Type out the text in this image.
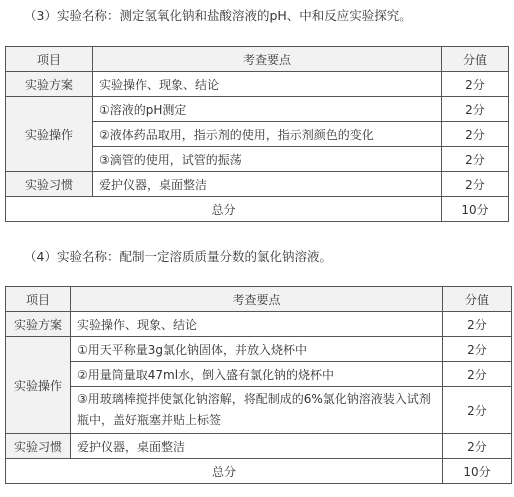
（3）实验名称：测定氢氧化钠和盐酸溶液的pH、中和反应实验探究。
项目	考查要点	分值
实验方案	实验操作、现象、结论	2分
实验操作	①溶液的pH测定	2分
	②液体药品取用，指示剂的使用，指示剂颜色的变化	2分
	③滴管的使用，试管的振荡	2分
实验习惯	爱护仪器，桌面整洁	2分
总分		10分
（4）实验名称：配制一定溶质质量分数的氯化钠溶液。
项目	考查要点	分值
实验方案	实验操作、现象、结论	2分
实验操作	①用天平称量3g氯化钠固体，并放入烧杯中	2分
	②用量筒量取47ml水，倒入盛有氯化钠的烧杯中	2分
	③用玻璃棒搅拌使氯化钠溶解，将配制成的6%氯化钠溶液装入试剂瓶中，盖好瓶塞并贴上标签	2分
实验习惯	爱护仪器，桌面整洁	2分
总分		10分
